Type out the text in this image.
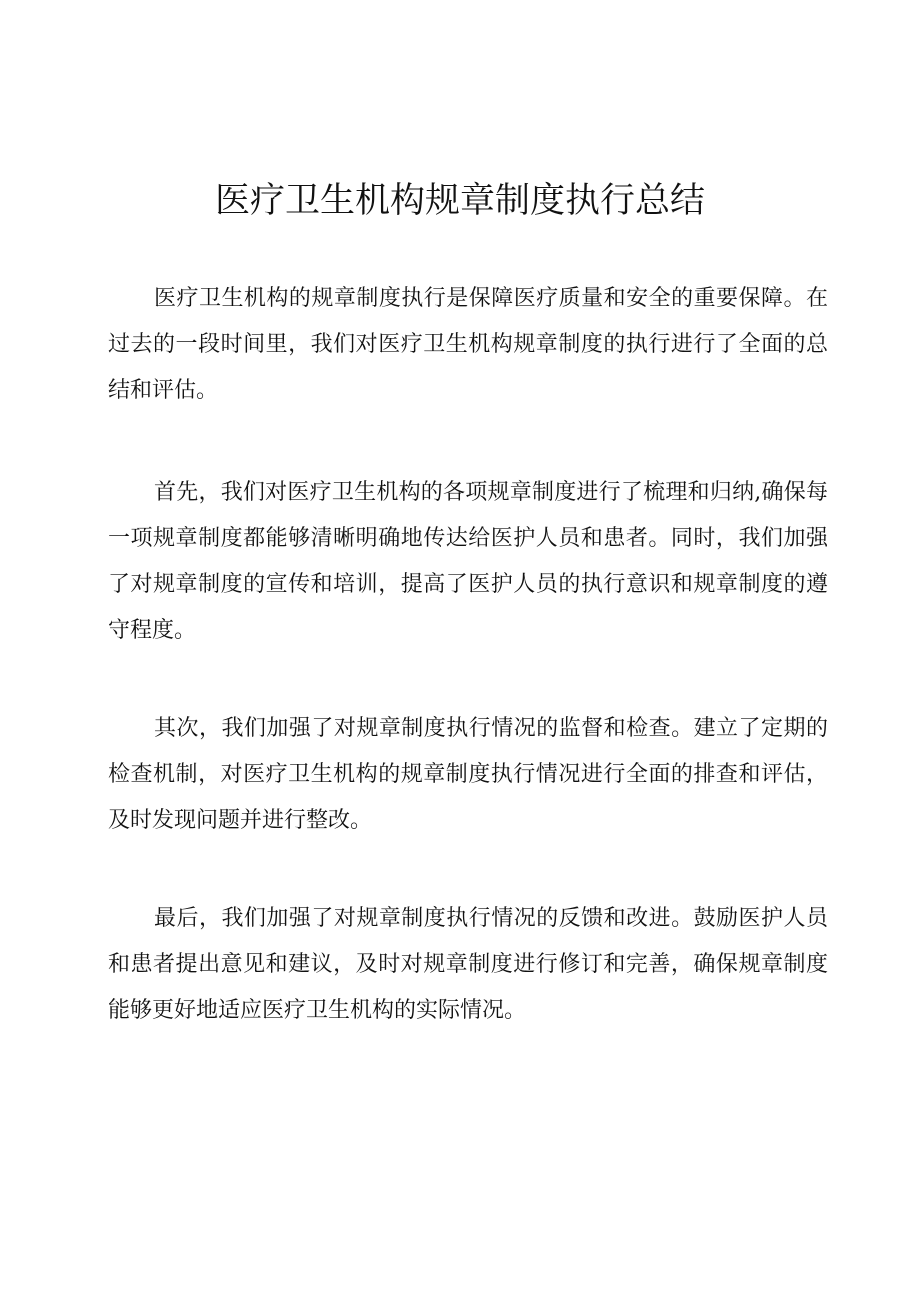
医疗卫生机构规章制度执行总结

医疗卫生机构的规章制度执行是保障医疗质量和安全的重要保障。在过去的一段时间里，我们对医疗卫生机构规章制度的执行进行了全面的总结和评估。

首先，我们对医疗卫生机构的各项规章制度进行了梳理和归纳,确保每一项规章制度都能够清晰明确地传达给医护人员和患者。同时，我们加强了对规章制度的宣传和培训，提高了医护人员的执行意识和规章制度的遵守程度。

其次，我们加强了对规章制度执行情况的监督和检查。建立了定期的检查机制，对医疗卫生机构的规章制度执行情况进行全面的排查和评估，及时发现问题并进行整改。

最后，我们加强了对规章制度执行情况的反馈和改进。鼓励医护人员和患者提出意见和建议，及时对规章制度进行修订和完善，确保规章制度能够更好地适应医疗卫生机构的实际情况。
